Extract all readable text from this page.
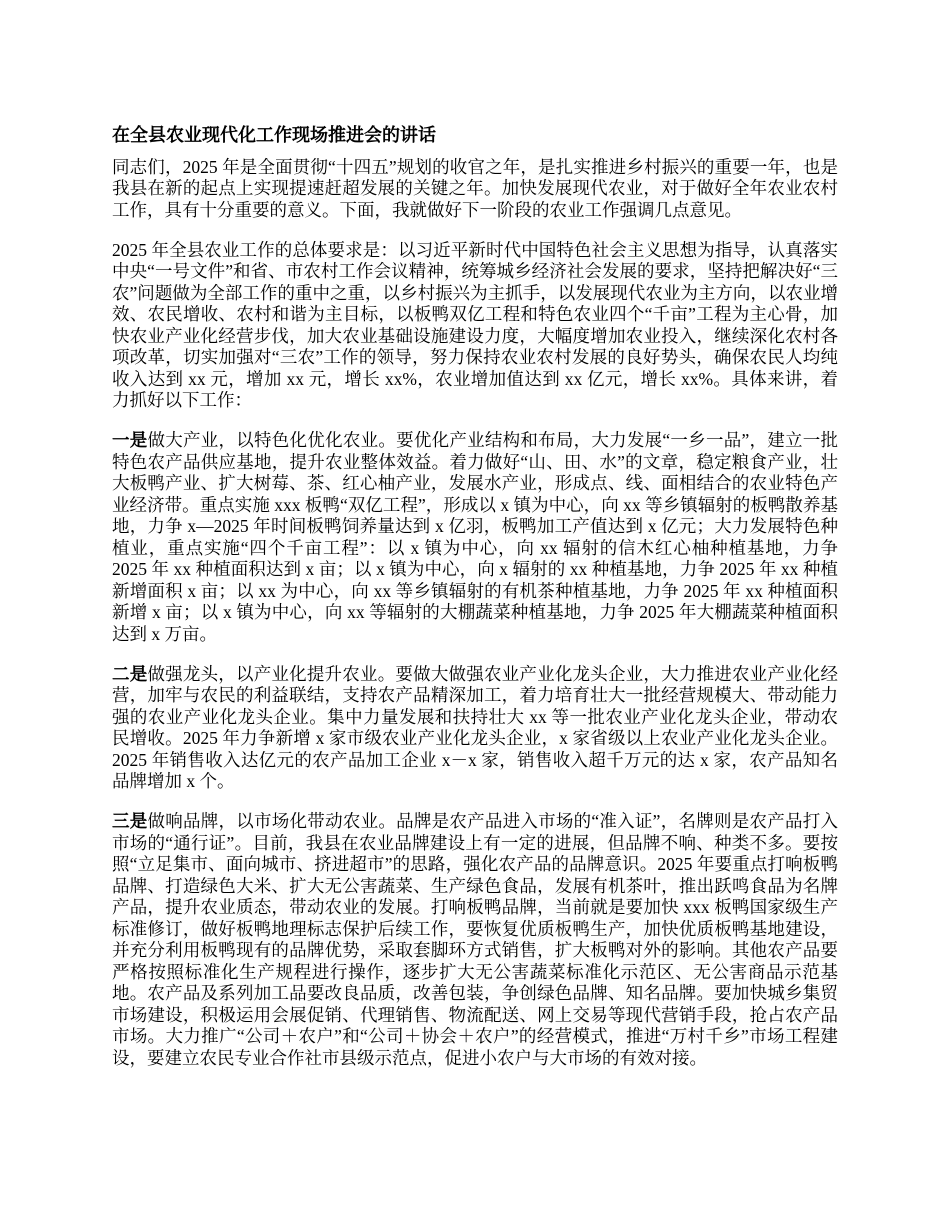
在全县农业现代化工作现场推进会的讲话

同志们，2025 年是全面贯彻“十四五”规划的收官之年，是扎实推进乡村振兴的重要一年，也是我县在新的起点上实现提速赶超发展的关键之年。加快发展现代农业，对于做好全年农业农村工作，具有十分重要的意义。下面，我就做好下一阶段的农业工作强调几点意见。

2025 年全县农业工作的总体要求是：以习近平新时代中国特色社会主义思想为指导，认真落实中央“一号文件”和省、市农村工作会议精神，统筹城乡经济社会发展的要求，坚持把解决好“三农”问题做为全部工作的重中之重，以乡村振兴为主抓手，以发展现代农业为主方向，以农业增效、农民增收、农村和谐为主目标，以板鸭双亿工程和特色农业四个“千亩”工程为主心骨，加快农业产业化经营步伐，加大农业基础设施建设力度，大幅度增加农业投入，继续深化农村各项改革，切实加强对“三农”工作的领导，努力保持农业农村发展的良好势头，确保农民人均纯收入达到 xx 元，增加 xx 元，增长 xx%，农业增加值达到 xx 亿元，增长 xx%。具体来讲，着力抓好以下工作：

一是做大产业，以特色化优化农业。要优化产业结构和布局，大力发展“一乡一品”，建立一批特色农产品供应基地，提升农业整体效益。着力做好“山、田、水”的文章，稳定粮食产业，壮大板鸭产业、扩大树莓、茶、红心柚产业，发展水产业，形成点、线、面相结合的农业特色产业经济带。重点实施 xxx 板鸭“双亿工程”，形成以 x 镇为中心，向 xx 等乡镇辐射的板鸭散养基地，力争 x—2025 年时间板鸭饲养量达到 x 亿羽，板鸭加工产值达到 x 亿元；大力发展特色种植业，重点实施“四个千亩工程”：以 x 镇为中心，向 xx 辐射的信木红心柚种植基地，力争 2025 年 xx 种植面积达到 x 亩；以 x 镇为中心，向 x 辐射的 xx 种植基地，力争 2025 年 xx 种植新增面积 x 亩；以 xx 为中心，向 xx 等乡镇辐射的有机茶种植基地，力争 2025 年 xx 种植面积新增 x 亩；以 x 镇为中心，向 xx 等辐射的大棚蔬菜种植基地，力争 2025 年大棚蔬菜种植面积达到 x 万亩。

二是做强龙头，以产业化提升农业。要做大做强农业产业化龙头企业，大力推进农业产业化经营，加牢与农民的利益联结，支持农产品精深加工，着力培育壮大一批经营规模大、带动能力强的农业产业化龙头企业。集中力量发展和扶持壮大 xx 等一批农业产业化龙头企业，带动农民增收。2025 年力争新增 x 家市级农业产业化龙头企业，x 家省级以上农业产业化龙头企业。2025 年销售收入达亿元的农产品加工企业 x－x 家，销售收入超千万元的达 x 家，农产品知名品牌增加 x 个。

三是做响品牌，以市场化带动农业。品牌是农产品进入市场的“准入证”，名牌则是农产品打入市场的“通行证”。目前，我县在农业品牌建设上有一定的进展，但品牌不响、种类不多。要按照“立足集市、面向城市、挤进超市”的思路，强化农产品的品牌意识。2025 年要重点打响板鸭品牌、打造绿色大米、扩大无公害蔬菜、生产绿色食品，发展有机茶叶，推出跃鸣食品为名牌产品，提升农业质态，带动农业的发展。打响板鸭品牌，当前就是要加快 xxx 板鸭国家级生产标准修订，做好板鸭地理标志保护后续工作，要恢复优质板鸭生产，加快优质板鸭基地建设，并充分利用板鸭现有的品牌优势，采取套脚环方式销售，扩大板鸭对外的影响。其他农产品要严格按照标准化生产规程进行操作，逐步扩大无公害蔬菜标准化示范区、无公害商品示范基地。农产品及系列加工品要改良品质，改善包装，争创绿色品牌、知名品牌。要加快城乡集贸市场建设，积极运用会展促销、代理销售、物流配送、网上交易等现代营销手段，抢占农产品市场。大力推广“公司＋农户”和“公司＋协会＋农户”的经营模式，推进“万村千乡”市场工程建设，要建立农民专业合作社市县级示范点，促进小农户与大市场的有效对接。
